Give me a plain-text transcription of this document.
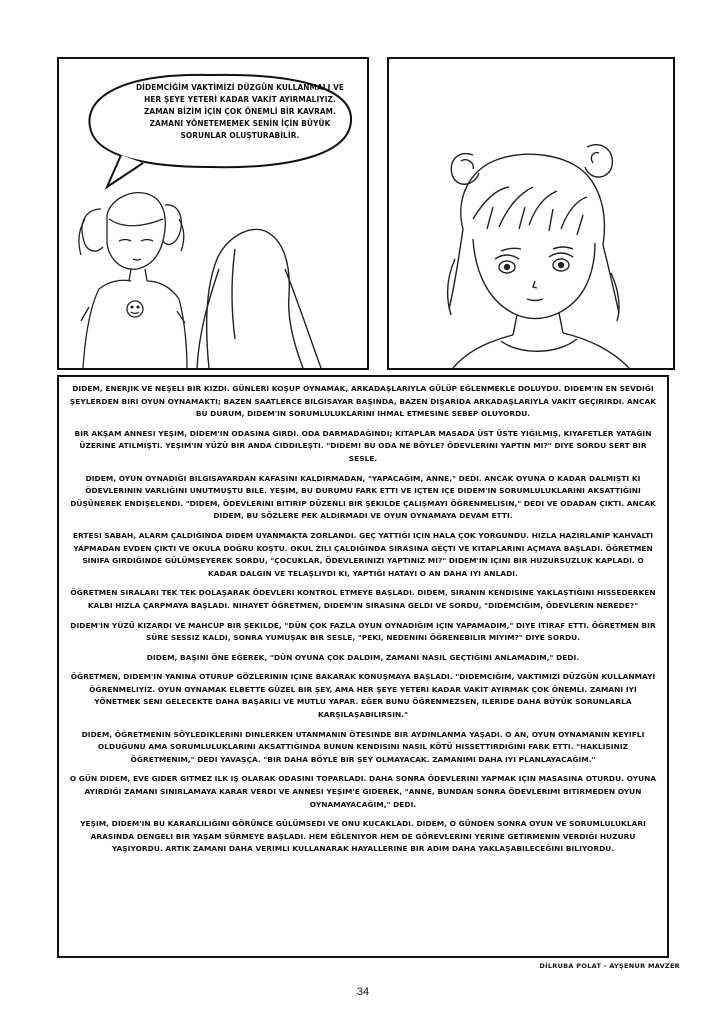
DİDEMCİĞİM VAKTİMİZİ DÜZGÜN KULLANMALI VE HER ŞEYE YETERİ KADAR VAKİT AYIRMALIYIZ. ZAMAN BİZİM İÇİN ÇOK ÖNEMLİ BİR KAVRAM. ZAMANI YÖNETEMEMEK SENİN İÇİN BÜYÜK SORUNLAR OLUŞTURABİLİR.

DIDEM, ENERJIK VE NEŞELI BIR KIZDI. GÜNLERI KOŞUP OYNAMAK, ARKADAŞLARIYLA GÜLÜP EĞLENMEKLE DOLUYDU. DIDEM'IN EN SEVDIĞI ŞEYLERDEN BIRI OYUN OYNAMAKTI; BAZEN SAATLERCE BILGISAYAR BAŞINDA, BAZEN DIŞARIDA ARKADAŞLARIYLA VAKIT GEÇIRIRDI. ANCAK BU DURUM, DIDEM'IN SORUMLULUKLARINI IHMAL ETMESINE SEBEP OLUYORDU.

BIR AKŞAM ANNESI YEŞIM, DIDEM'IN ODASINA GIRDI. ODA DARMADAĞINDI; KITAPLAR MASADA ÜST ÜSTE YIĞILMIŞ, KIYAFETLER YATAĞIN ÜZERINE ATILMIŞTI. YEŞIM'IN YÜZÜ BIR ANDA CIDDILEŞTI. "DIDEM! BU ODA NE BÖYLE? ÖDEVLERINI YAPTIN MI?" DIYE SORDU SERT BIR SESLE.

DIDEM, OYUN OYNADIĞI BILGISAYARDAN KAFASINI KALDIRMADAN, "YAPACAĞIM, ANNE," DEDI. ANCAK OYUNA O KADAR DALMIŞTI KI ÖDEVLERININ VARLIĞINI UNUTMUŞTU BILE. YEŞIM, BU DURUMU FARK ETTI VE IÇTEN IÇE DIDEM'IN SORUMLULUKLARINI AKSATTIĞINI DÜŞÜNEREK ENDIŞELENDI. "DIDEM, ÖDEVLERINI BITIRIP DÜZENLI BIR ŞEKILDE ÇALIŞMAYI ÖĞRENMELISIN," DEDI VE ODADAN ÇIKTI. ANCAK DIDEM, BU SÖZLERE PEK ALDIRMADI VE OYUN OYNAMAYA DEVAM ETTI.

ERTESI SABAH, ALARM ÇALDIĞINDA DIDEM UYANMAKTA ZORLANDI. GEÇ YATTIĞI IÇIN HALA ÇOK YORGUNDU. HIZLA HAZIRLANIP KAHVALTI YAPMADAN EVDEN ÇIKTI VE OKULA DOĞRU KOŞTU. OKUL ZILI ÇALDIĞINDA SIRASINA GEÇTI VE KITAPLARINI AÇMAYA BAŞLADI. ÖĞRETMEN SINIFA GIRDIĞINDE GÜLÜMSEYEREK SORDU, "ÇOCUKLAR, ÖDEVLERINIZI YAPTINIZ MI?" DIDEM'IN IÇINI BIR HUZURSUZLUK KAPLADI. O KADAR DALGIN VE TELAŞLIYDI KI, YAPTIĞI HATAYI O AN DAHA IYI ANLADI.

ÖĞRETMEN SIRALARI TEK TEK DOLAŞARAK ÖDEVLERI KONTROL ETMEYE BAŞLADI. DIDEM, SIRANIN KENDISINE YAKLAŞTIĞINI HISSEDERKEN KALBI HIZLA ÇARPMAYA BAŞLADI. NIHAYET ÖĞRETMEN, DIDEM'IN SIRASINA GELDI VE SORDU, "DIDEMCIĞIM, ÖDEVLERIN NEREDE?"

DIDEM'IN YÜZÜ KIZARDI VE MAHCUP BIR ŞEKILDE, "DÜN ÇOK FAZLA OYUN OYNADIĞIM IÇIN YAPAMADIM," DIYE ITIRAF ETTI. ÖĞRETMEN BIR SÜRE SESSIZ KALDI, SONRA YUMUŞAK BIR SESLE, "PEKI, NEDENINI ÖĞRENEBILIR MIYIM?" DIYE SORDU.

DIDEM, BAŞINI ÖNE EĞEREK, "DÜN OYUNA ÇOK DALDIM, ZAMANI NASIL GEÇTIĞINI ANLAMADIM," DEDI.

ÖĞRETMEN, DIDEM'IN YANINA OTURUP GÖZLERININ IÇINE BAKARAK KONUŞMAYA BAŞLADI. "DIDEMCIĞIM, VAKTIMIZI DÜZGÜN KULLANMAYI ÖĞRENMELIYIZ. OYUN OYNAMAK ELBETTE GÜZEL BIR ŞEY, AMA HER ŞEYE YETERI KADAR VAKIT AYIRMAK ÇOK ÖNEMLI. ZAMANI IYI YÖNETMEK SENI GELECEKTE DAHA BAŞARILI VE MUTLU YAPAR. EĞER BUNU ÖĞRENMEZSEN, ILERIDE DAHA BÜYÜK SORUNLARLA KARŞILAŞABILIRSIN."

DIDEM, ÖĞRETMENIN SÖYLEDIKLERINI DINLERKEN UTANMANIN ÖTESINDE BIR AYDINLANMA YAŞADI. O AN, OYUN OYNAMANIN KEYIFLI OLDUĞUNU AMA SORUMLULUKLARINI AKSATTIĞINDA BUNUN KENDISINI NASIL KÖTÜ HISSETTIRDIĞINI FARK ETTI. "HAKLISINIZ ÖĞRETMENIM," DEDI YAVAŞÇA. "BIR DAHA BÖYLE BIR ŞEY OLMAYACAK. ZAMANIMI DAHA IYI PLANLAYACAĞIM."

O GÜN DIDEM, EVE GIDER GITMEZ ILK IŞ OLARAK ODASINI TOPARLADI. DAHA SONRA ÖDEVLERINI YAPMAK IÇIN MASASINA OTURDU. OYUNA AYIRDIĞI ZAMANI SINIRLAMAYA KARAR VERDI VE ANNESI YEŞIM'E GIDEREK, "ANNE, BUNDAN SONRA ÖDEVLERIMI BITIRMEDEN OYUN OYNAMAYACAĞIM," DEDI.

YEŞIM, DIDEM'IN BU KARARLILIĞINI GÖRÜNCE GÜLÜMSEDI VE ONU KUCAKLADI. DIDEM, O GÜNDEN SONRA OYUN VE SORUMLULUKLARI ARASINDA DENGELI BIR YAŞAM SÜRMEYE BAŞLADI. HEM EĞLENIYOR HEM DE GÖREVLERINI YERINE GETIRMENIN VERDIĞI HUZURU YAŞIYORDU. ARTIK ZAMANI DAHA VERIMLI KULLANARAK HAYALLERINE BIR ADIM DAHA YAKLAŞABILECEĞINI BILIYORDU.

DİLRUBA POLAT - AYŞENUR MAVZER
34
